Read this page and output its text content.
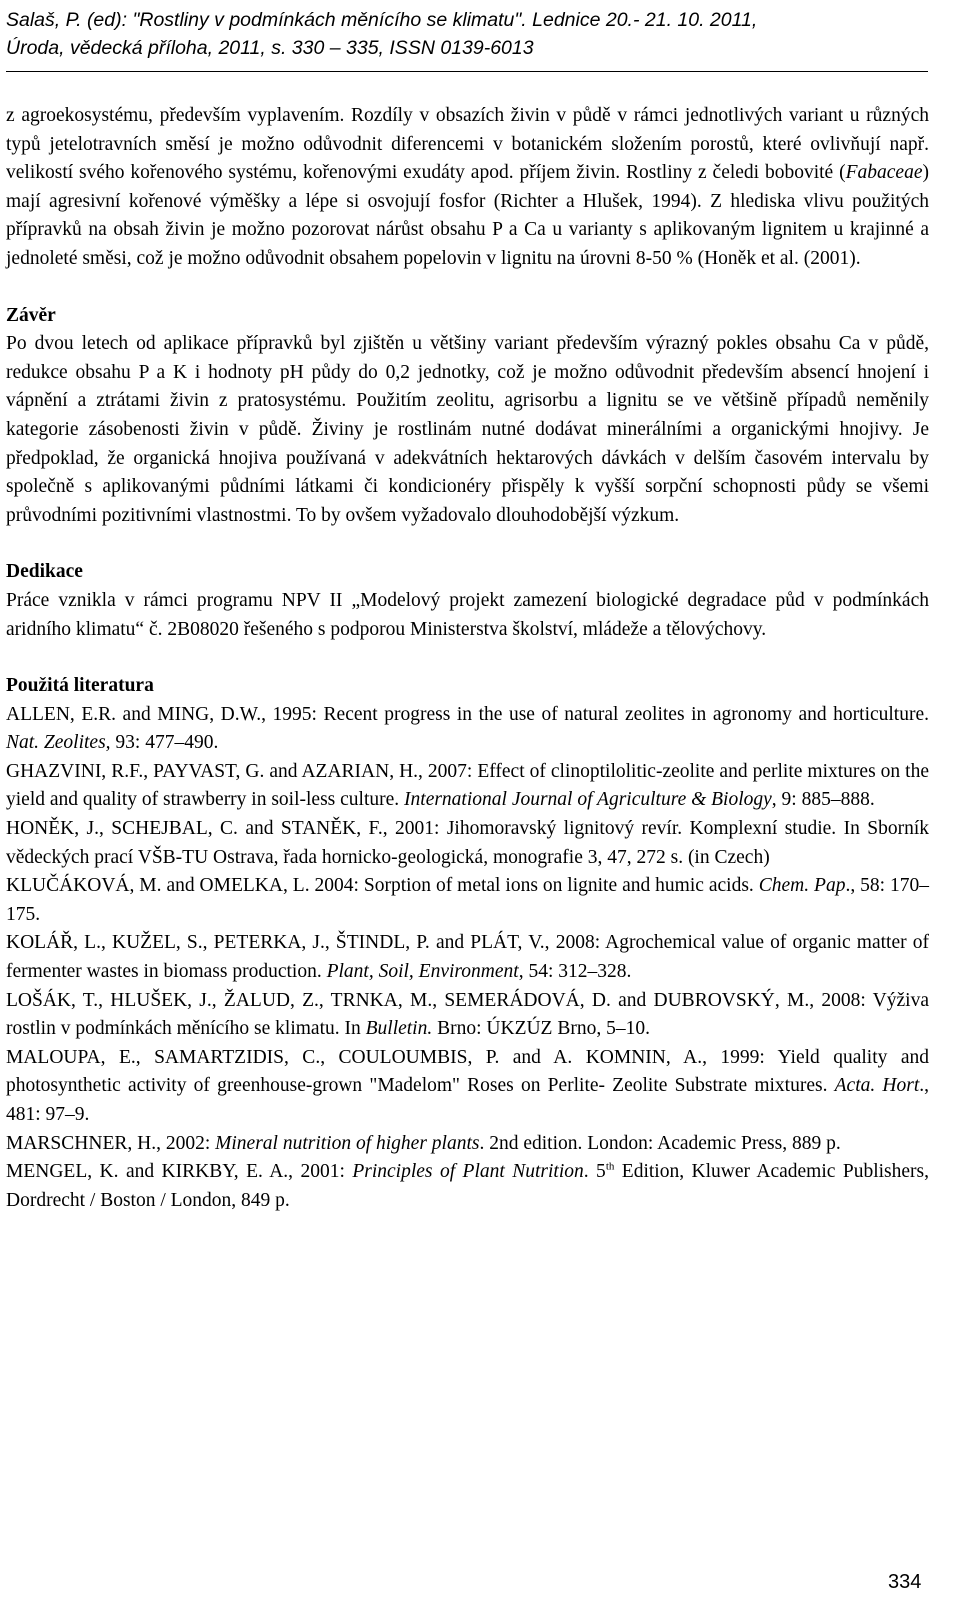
Salaš, P. (ed): "Rostliny v podmínkách měnícího se klimatu". Lednice 20.- 21. 10. 2011,
Úroda, vědecká příloha, 2011, s. 330 – 335, ISSN 0139-6013

z agroekosystému, především vyplavením. Rozdíly v obsazích živin v půdě v rámci jednotlivých variant u různých typů jetelotravních směsí je možno odůvodnit diferencemi v botanickém složením porostů, které ovlivňují např. velikostí svého kořenového systému, kořenovými exudáty apod. příjem živin. Rostliny z čeledi bobovité (Fabaceae) mají agresivní kořenové výměšky a lépe si osvojují fosfor (Richter a Hlušek, 1994). Z hlediska vlivu použitých přípravků na obsah živin je možno pozorovat nárůst obsahu P a Ca u varianty s aplikovaným lignitem u krajinné a jednoleté směsi, což je možno odůvodnit obsahem popelovin v lignitu na úrovni 8-50 % (Honěk et al. (2001).

Závěr

Po dvou letech od aplikace přípravků byl zjištěn u většiny variant především výrazný pokles obsahu Ca v půdě, redukce obsahu P a K i hodnoty pH půdy do 0,2 jednotky, což je možno odůvodnit především absencí hnojení i vápnění a ztrátami živin z pratosystému. Použitím zeolitu, agrisorbu a lignitu se ve většině případů neměnily kategorie zásobenosti živin v půdě. Živiny je rostlinám nutné dodávat minerálními a organickými hnojivy. Je předpoklad, že organická hnojiva používaná v adekvátních hektarových dávkách v delším časovém intervalu by společně s aplikovanými půdními látkami či kondicionéry přispěly k vyšší sorpční schopnosti půdy se všemi průvodními pozitivními vlastnostmi. To by ovšem vyžadovalo dlouhodobější výzkum.

Dedikace

Práce vznikla v rámci programu NPV II „Modelový projekt zamezení biologické degradace půd v podmínkách aridního klimatu“ č. 2B08020 řešeného s podporou Ministerstva školství, mládeže a tělovýchovy.

Použitá literatura

ALLEN, E.R. and MING, D.W., 1995: Recent progress in the use of natural zeolites in agronomy and horticulture. Nat. Zeolites, 93: 477–490.

GHAZVINI, R.F., PAYVAST, G. and AZARIAN, H., 2007: Effect of clinoptilolitic-zeolite and perlite mixtures on the yield and quality of strawberry in soil-less culture. International Journal of Agriculture & Biology, 9: 885–888.

HONĚK, J., SCHEJBAL, C. and STANĚK, F., 2001: Jihomoravský lignitový revír. Komplexní studie. In Sborník vědeckých prací VŠB-TU Ostrava, řada hornicko-geologická, monografie 3, 47, 272 s. (in Czech)

KLUČÁKOVÁ, M. and OMELKA, L. 2004: Sorption of metal ions on lignite and humic acids. Chem. Pap., 58: 170–175.

KOLÁŘ, L., KUŽEL, S., PETERKA, J., ŠTINDL, P. and PLÁT, V., 2008: Agrochemical value of organic matter of fermenter wastes in biomass production. Plant, Soil, Environment, 54: 312–328.

LOŠÁK, T., HLUŠEK, J., ŽALUD, Z., TRNKA, M., SEMERÁDOVÁ, D. and DUBROVSKÝ, M., 2008: Výživa rostlin v podmínkách měnícího se klimatu. In Bulletin. Brno: ÚKZÚZ Brno, 5–10.

MALOUPA, E., SAMARTZIDIS, C., COULOUMBIS, P. and A. KOMNIN, A., 1999: Yield quality and photosynthetic activity of greenhouse-grown "Madelom" Roses on Perlite- Zeolite Substrate mixtures. Acta. Hort., 481: 97–9.

MARSCHNER, H., 2002: Mineral nutrition of higher plants. 2nd edition. London: Academic Press, 889 p.

MENGEL, K. and KIRKBY, E. A., 2001: Principles of Plant Nutrition. 5th Edition, Kluwer Academic Publishers, Dordrecht / Boston / London, 849 p.

334
